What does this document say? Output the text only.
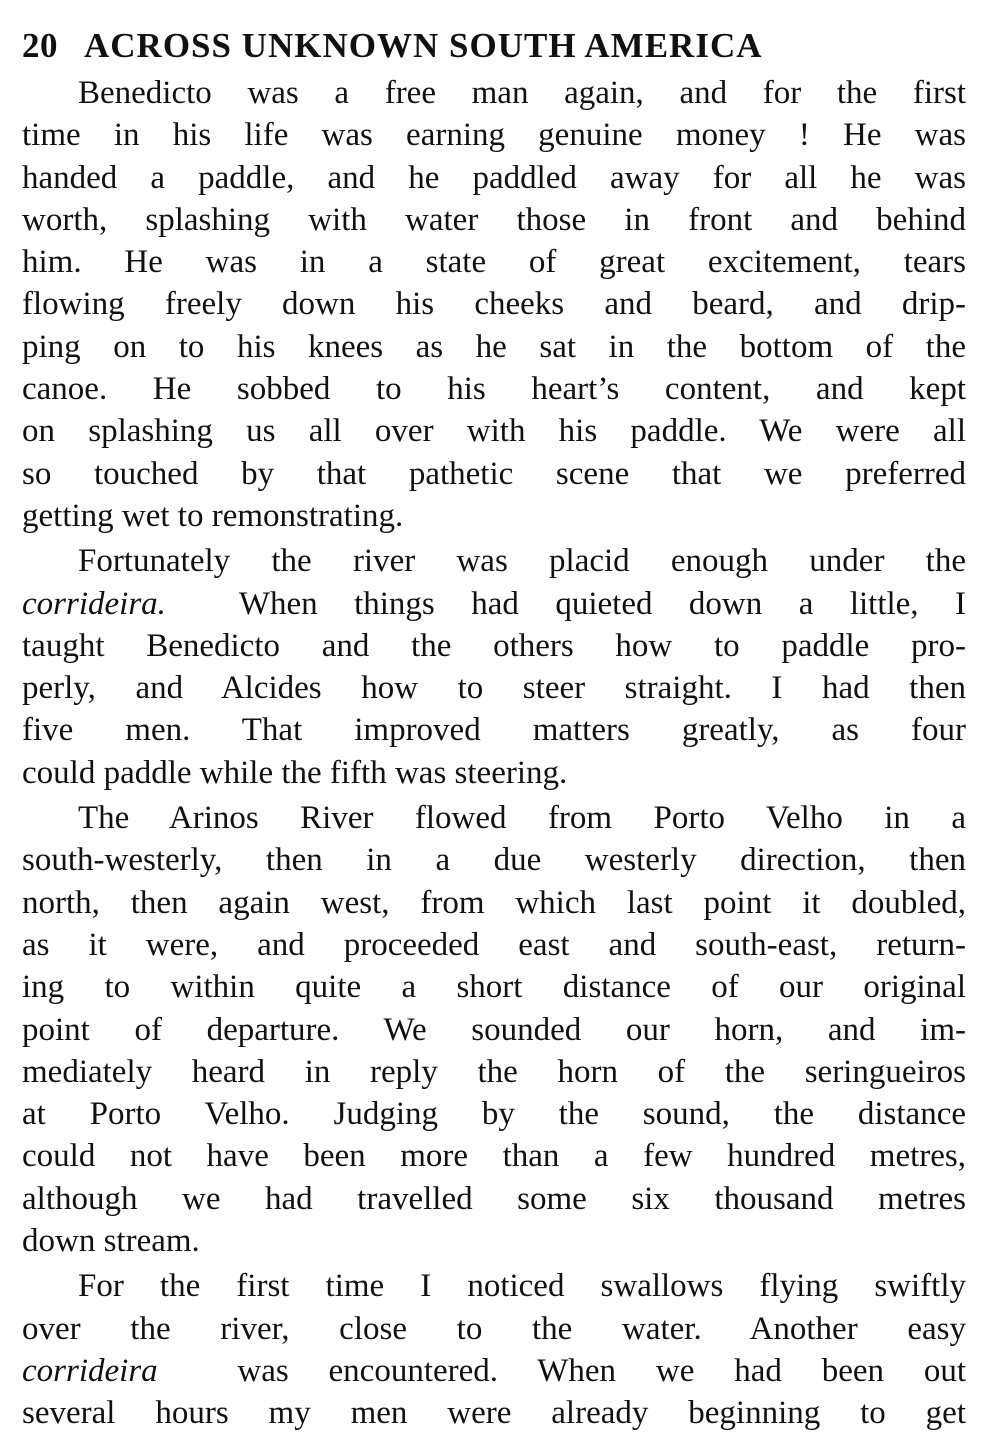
20 ACROSS UNKNOWN SOUTH AMERICA
Benedicto was a free man again, and for the first
time in his life was earning genuine money ! He was
handed a paddle, and he paddled away for all he was
worth, splashing with water those in front and behind
him. He was in a state of great excitement, tears
flowing freely down his cheeks and beard, and drip-
ping on to his knees as he sat in the bottom of the
canoe. He sobbed to his heart’s content, and kept
on splashing us all over with his paddle. We were all
so touched by that pathetic scene that we preferred
getting wet to remonstrating.
Fortunately the river was placid enough under the
corrideira. When things had quieted down a little, I
taught Benedicto and the others how to paddle pro-
perly, and Alcides how to steer straight. I had then
five men. That improved matters greatly, as four
could paddle while the fifth was steering.
The Arinos River flowed from Porto Velho in a
south-westerly, then in a due westerly direction, then
north, then again west, from which last point it doubled,
as it were, and proceeded east and south-east, return-
ing to within quite a short distance of our original
point of departure. We sounded our horn, and im-
mediately heard in reply the horn of the seringueiros
at Porto Velho. Judging by the sound, the distance
could not have been more than a few hundred metres,
although we had travelled some six thousand metres
down stream.
For the first time I noticed swallows flying swiftly
over the river, close to the water. Another easy
corrideira was encountered. When we had been out
several hours my men were already beginning to get
